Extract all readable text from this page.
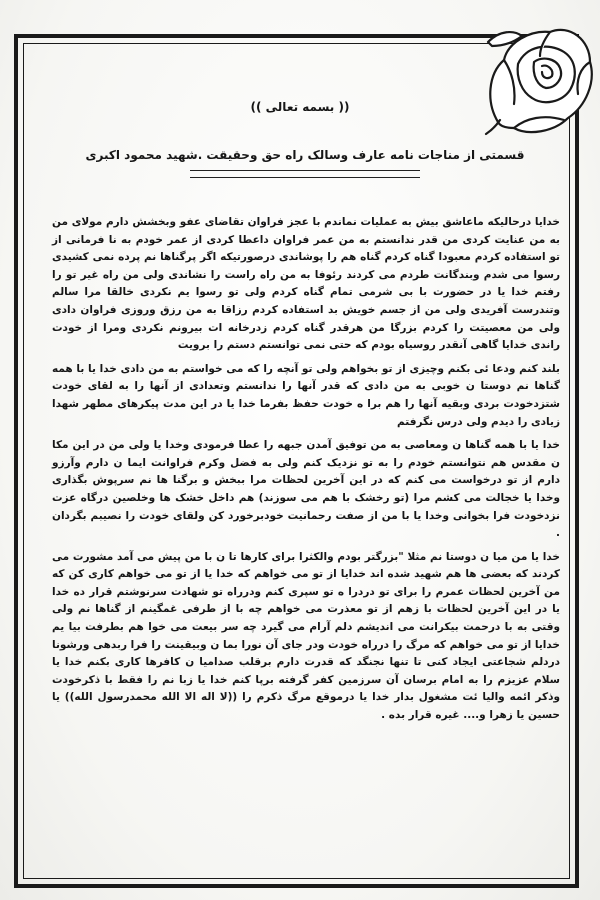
(( بسمه تعالی ))
قسمتی از مناجات نامه عارف وسالک راه حق وحقیقت .شهید محمود اکبری

خدایا درحالیکه ماعاشق بیش به عملیات نماندم با عجز فراوان تقاضای عفو وبخشش دارم مولای من به من عنایت کردی من قدر ندانستم به من عمر فراوان داعطا کردی از عمر خودم به نا فرمانی از تو استفاده کردم معبودا گناه کردم گناه هم را پوشاندی درصورتیکه اگر پرگناها نم پرده نمی کشیدی رسوا می شدم وبندگانت طردم می کردند رئوفا به من راه راست را نشاندی ولی من راه غیر تو را رفتم خدا یا در حضورت با بی شرمی تمام گناه کردم ولی تو رسوا یم نکردی خالقا مرا سالم وتندرست آفریدی ولی من از جسم خویش بد استفاده کردم رزاقا به من رزق وروزی فراوان دادی ولی من معصیتت را کردم بزرگا من هرقدر گناه کردم زدرخانه ات بیرونم نکردی ومرا از خودت راندی خدایا گاهی آنقدر روسیاه بودم که حتی نمی توانستم دستم را برویت

بلند کنم ودعا ئی بکنم وچیزی از تو بخواهم ولی تو آنچه را که می خواستم به من دادی خدا یا با همه گناها نم دوستا ن خوبی به من دادی که قدر آنها را ندانستم وتعدادی از آنها را به لقای خودت شتزدخودت بردی وبقیه آنها را هم برا ه خودت حفظ بفرما خدا یا در این مدت پیکرهای مطهر شهدا زیادی را دیدم ولی درس نگرفتم

خدا یا با همه گناها ن ومعاصی به من توفیق آمدن جبهه را عطا فرمودی وخدا یا ولی من در این مکا ن مقدس هم نتوانستم خودم را به تو نزدیک کنم ولی به فضل وکرم فراوانت ایما ن دارم وآرزو دارم از تو درخواست می کنم که در این آخرین لحظات مرا ببخش و برگنا ها نم سرپوش بگذاری وخدا یا خجالت می کشم مرا (تو رخشک با هم می سوزند) هم داخل خشک ها وخلصین درگاه عزت نزدخودت فرا بخوانی وخدا یا با من از صفت رحمانیت خودبرخورد کن ولقای خودت را نصیبم بگردان .

خدا یا من میا ن دوستا نم مثلا "بزرگتر بودم والکثرا برای کارها تا ن با من پیش می آمد مشورت می کردند که بعضی ها هم شهید شده اند خدایا از تو می خواهم که خدا یا از تو می خواهم کاری کن که من آخرین لحظات عمرم را برای تو دردرا ه تو سپری کنم ودرراه تو شهادت سرنوشتم قرار ده خدا یا در این آخرین لحظات با زهم از تو معذرت می خواهم چه با از طرفی غمگینم از گناها نم ولی وقتی به با درحمت بیکرانت می اندیشم دلم آرام می گیرد چه سر بیعت می خوا هم بطرفت بیا یم خدایا از تو می خواهم که مرگ را درراه خودت ودر جای آن نورا بما ن وبیقینت را فرا ربدهی ورشونا دردلم شجاعتی ایجاد کنی تا تنها نجنگد که قدرت دارم برقلب صدامیا ن کافرها کاری بکنم خدا یا سلام عزیزم را به امام برسان آن سرزمین کفر گرفته برپا کنم خدا یا زبا نم را فقط با ذکرخودت وذکر ائمه والیا ئت مشغول بدار خدا یا درموقع مرگ ذکرم را ((لا اله الا الله محمدرسول الله)) یا حسین یا زهرا و.... غیره قرار بده .
